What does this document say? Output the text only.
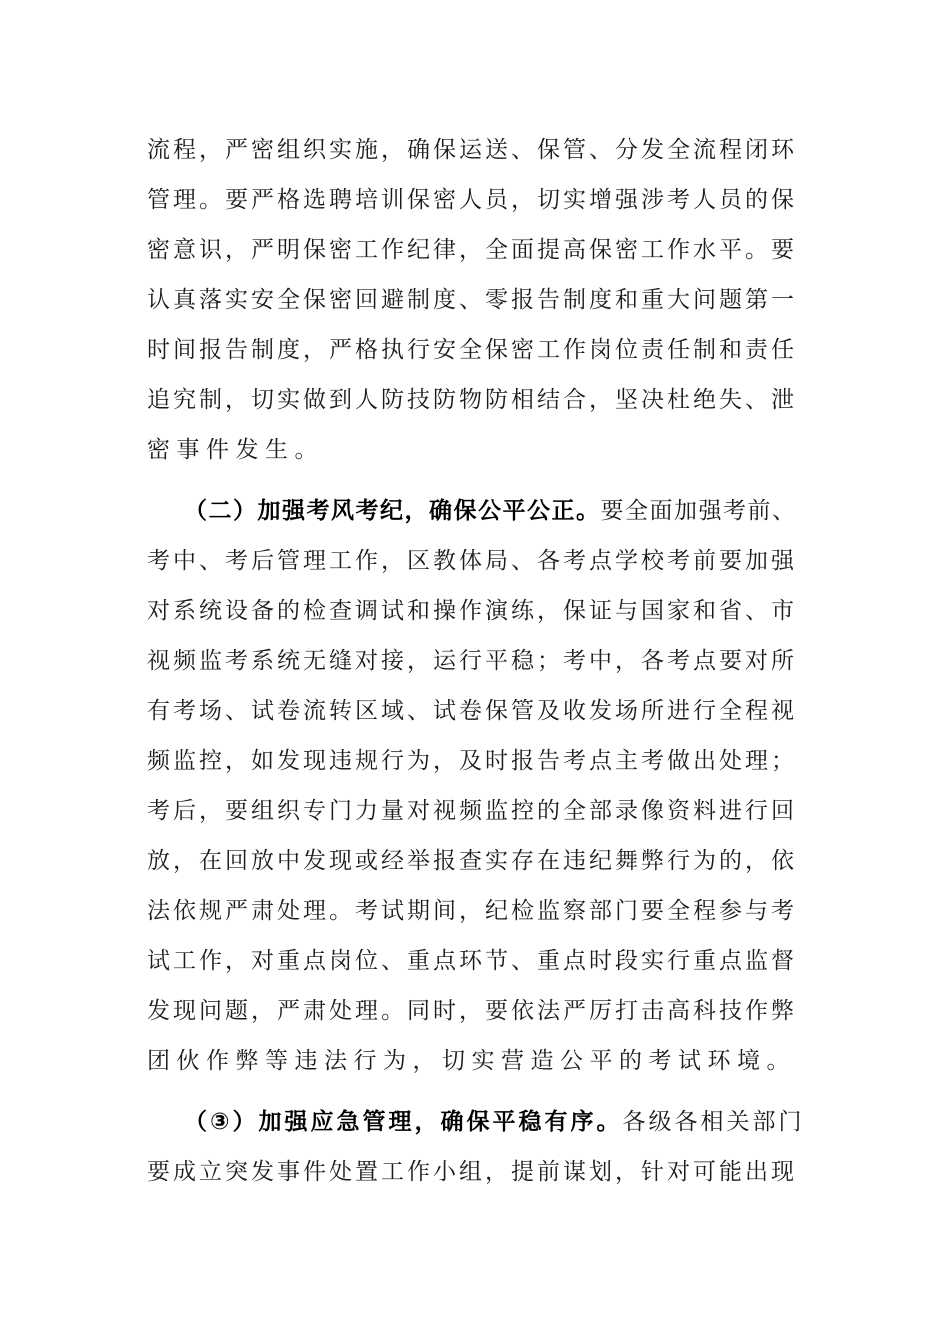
流程，严密组织实施，确保运送、保管、分发全流程闭环

管理。要严格选聘培训保密人员，切实增强涉考人员的保

密意识，严明保密工作纪律，全面提高保密工作水平。要

认真落实安全保密回避制度、零报告制度和重大问题第一

时间报告制度，严格执行安全保密工作岗位责任制和责任

追究制，切实做到人防技防物防相结合，坚决杜绝失、泄

密事件发生。

（二）加强考风考纪，确保公平公正。要全面加强考前、

考中、考后管理工作，区教体局、各考点学校考前要加强

对系统设备的检查调试和操作演练，保证与国家和省、市

视频监考系统无缝对接，运行平稳；考中，各考点要对所

有考场、试卷流转区域、试卷保管及收发场所进行全程视

频监控，如发现违规行为，及时报告考点主考做出处理；

考后，要组织专门力量对视频监控的全部录像资料进行回

放，在回放中发现或经举报查实存在违纪舞弊行为的，依

法依规严肃处理。考试期间，纪检监察部门要全程参与考

试工作，对重点岗位、重点环节、重点时段实行重点监督

发现问题，严肃处理。同时，要依法严厉打击高科技作弊

团伙作弊等违法行为，切实营造公平的考试环境。

（③）加强应急管理，确保平稳有序。各级各相关部门

要成立突发事件处置工作小组，提前谋划，针对可能出现
